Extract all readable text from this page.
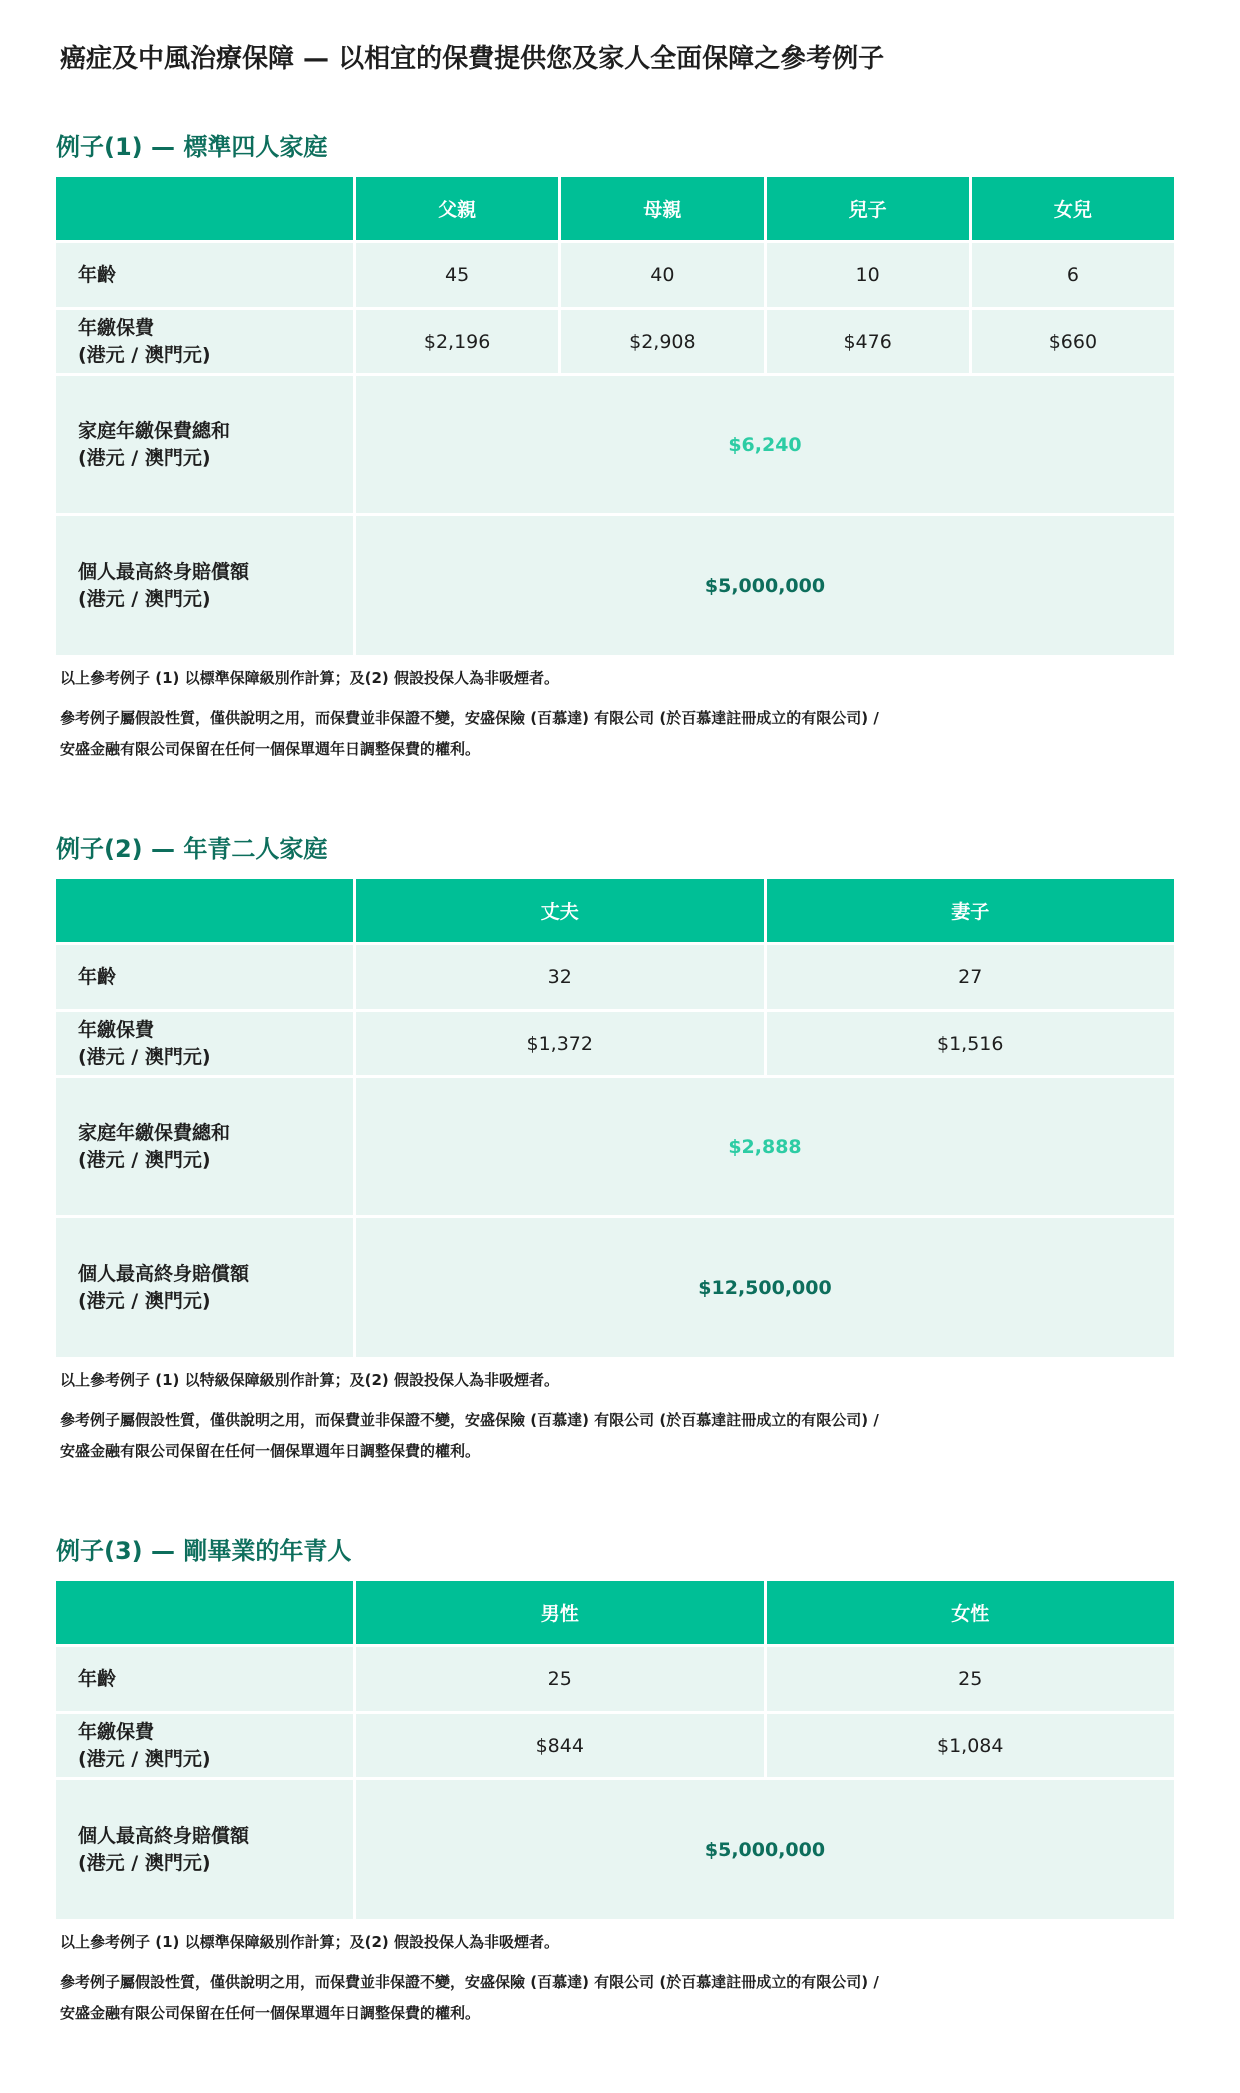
癌症及中風治療保障 — 以相宜的保費提供您及家人全面保障之參考例子
例子(1) — 標準四人家庭
	父親	母親	兒子	女兒
年齡	45	40	10	6
年繳保費
(港元 / 澳門元)	$2,196	$2,908	$476	$660
家庭年繳保費總和
(港元 / 澳門元)	$6,240			
個人最高終身賠償額
(港元 / 澳門元)	$5,000,000			
以上參考例子 (1) 以標準保障級別作計算；及(2) 假設投保人為非吸煙者。
參考例子屬假設性質，僅供說明之用，而保費並非保證不變，安盛保險 (百慕達) 有限公司 (於百慕達註冊成立的有限公司) /
安盛金融有限公司保留在任何一個保單週年日調整保費的權利。
例子(2) — 年青二人家庭
	丈夫	妻子
年齡	32	27
年繳保費
(港元 / 澳門元)	$1,372	$1,516
家庭年繳保費總和
(港元 / 澳門元)	$2,888	
個人最高終身賠償額
(港元 / 澳門元)	$12,500,000	
以上參考例子 (1) 以特級保障級別作計算；及(2) 假設投保人為非吸煙者。
參考例子屬假設性質，僅供說明之用，而保費並非保證不變，安盛保險 (百慕達) 有限公司 (於百慕達註冊成立的有限公司) /
安盛金融有限公司保留在任何一個保單週年日調整保費的權利。
例子(3) — 剛畢業的年青人
	男性	女性
年齡	25	25
年繳保費
(港元 / 澳門元)	$844	$1,084
個人最高終身賠償額
(港元 / 澳門元)	$5,000,000	
以上參考例子 (1) 以標準保障級別作計算；及(2) 假設投保人為非吸煙者。
參考例子屬假設性質，僅供說明之用，而保費並非保證不變，安盛保險 (百慕達) 有限公司 (於百慕達註冊成立的有限公司) /
安盛金融有限公司保留在任何一個保單週年日調整保費的權利。
